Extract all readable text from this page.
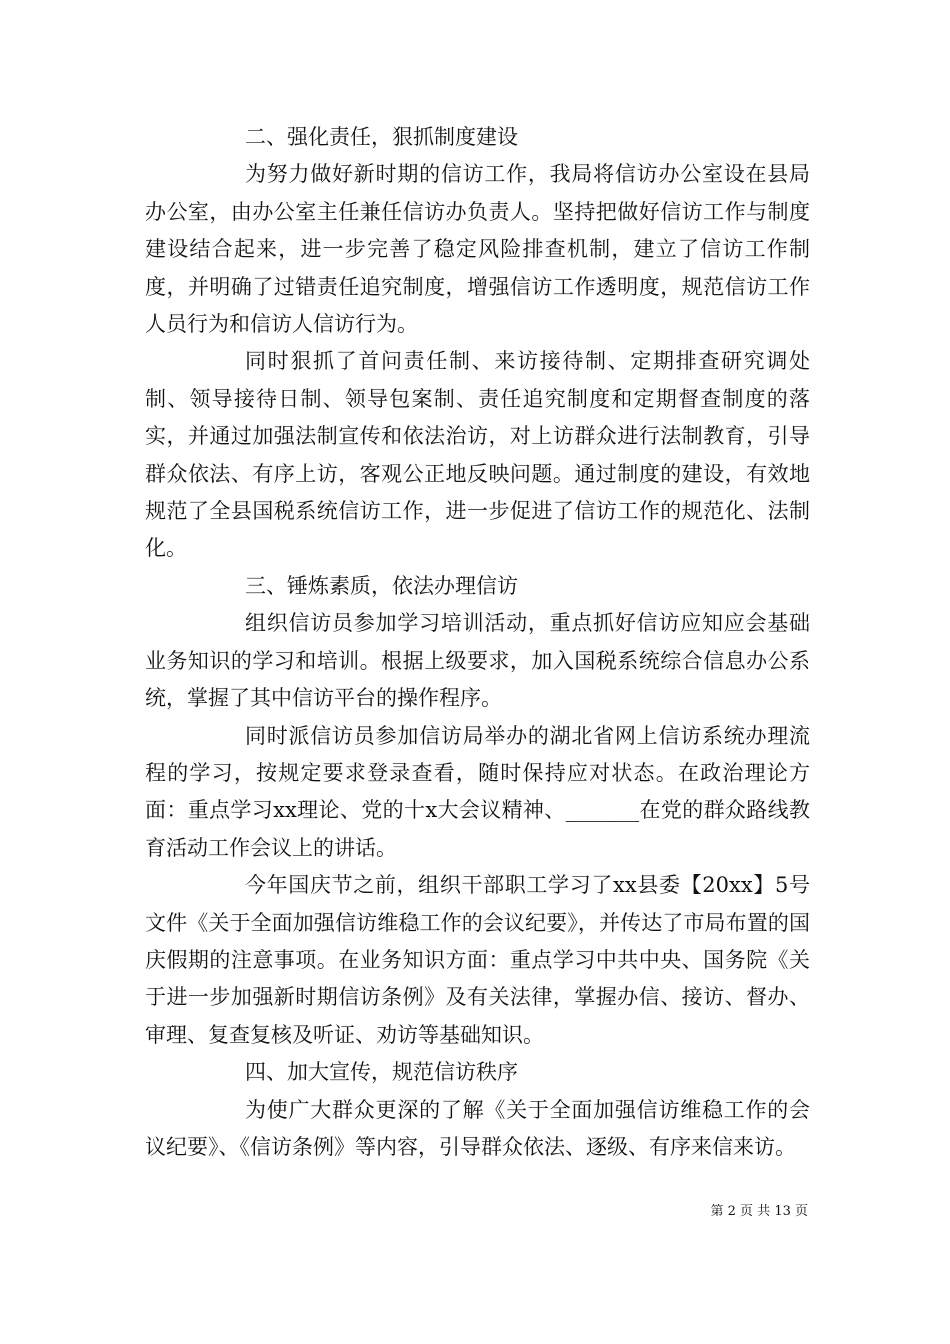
二、强化责任，狠抓制度建设

为努力做好新时期的信访工作，我局将信访办公室设在县局办公室，由办公室主任兼任信访办负责人。坚持把做好信访工作与制度建设结合起来，进一步完善了稳定风险排查机制，建立了信访工作制度，并明确了过错责任追究制度，增强信访工作透明度，规范信访工作人员行为和信访人信访行为。

同时狠抓了首问责任制、来访接待制、定期排查研究调处制、领导接待日制、领导包案制、责任追究制度和定期督查制度的落实，并通过加强法制宣传和依法治访，对上访群众进行法制教育，引导群众依法、有序上访，客观公正地反映问题。通过制度的建设，有效地规范了全县国税系统信访工作，进一步促进了信访工作的规范化、法制化。

三、锤炼素质，依法办理信访

组织信访员参加学习培训活动，重点抓好信访应知应会基础业务知识的学习和培训。根据上级要求，加入国税系统综合信息办公系统，掌握了其中信访平台的操作程序。

同时派信访员参加信访局举办的湖北省网上信访系统办理流程的学习，按规定要求登录查看，随时保持应对状态。在政治理论方面：重点学习xx理论、党的十x大会议精神、_______在党的群众路线教育活动工作会议上的讲话。

今年国庆节之前，组织干部职工学习了xx县委【20xx】5号文件《关于全面加强信访维稳工作的会议纪要》，并传达了市局布置的国庆假期的注意事项。在业务知识方面：重点学习中共中央、国务院《关于进一步加强新时期信访条例》及有关法律，掌握办信、接访、督办、审理、复查复核及听证、劝访等基础知识。

四、加大宣传，规范信访秩序

为使广大群众更深的了解《关于全面加强信访维稳工作的会议纪要》、《信访条例》等内容，引导群众依法、逐级、有序来信来访。

第 2 页 共 13 页
